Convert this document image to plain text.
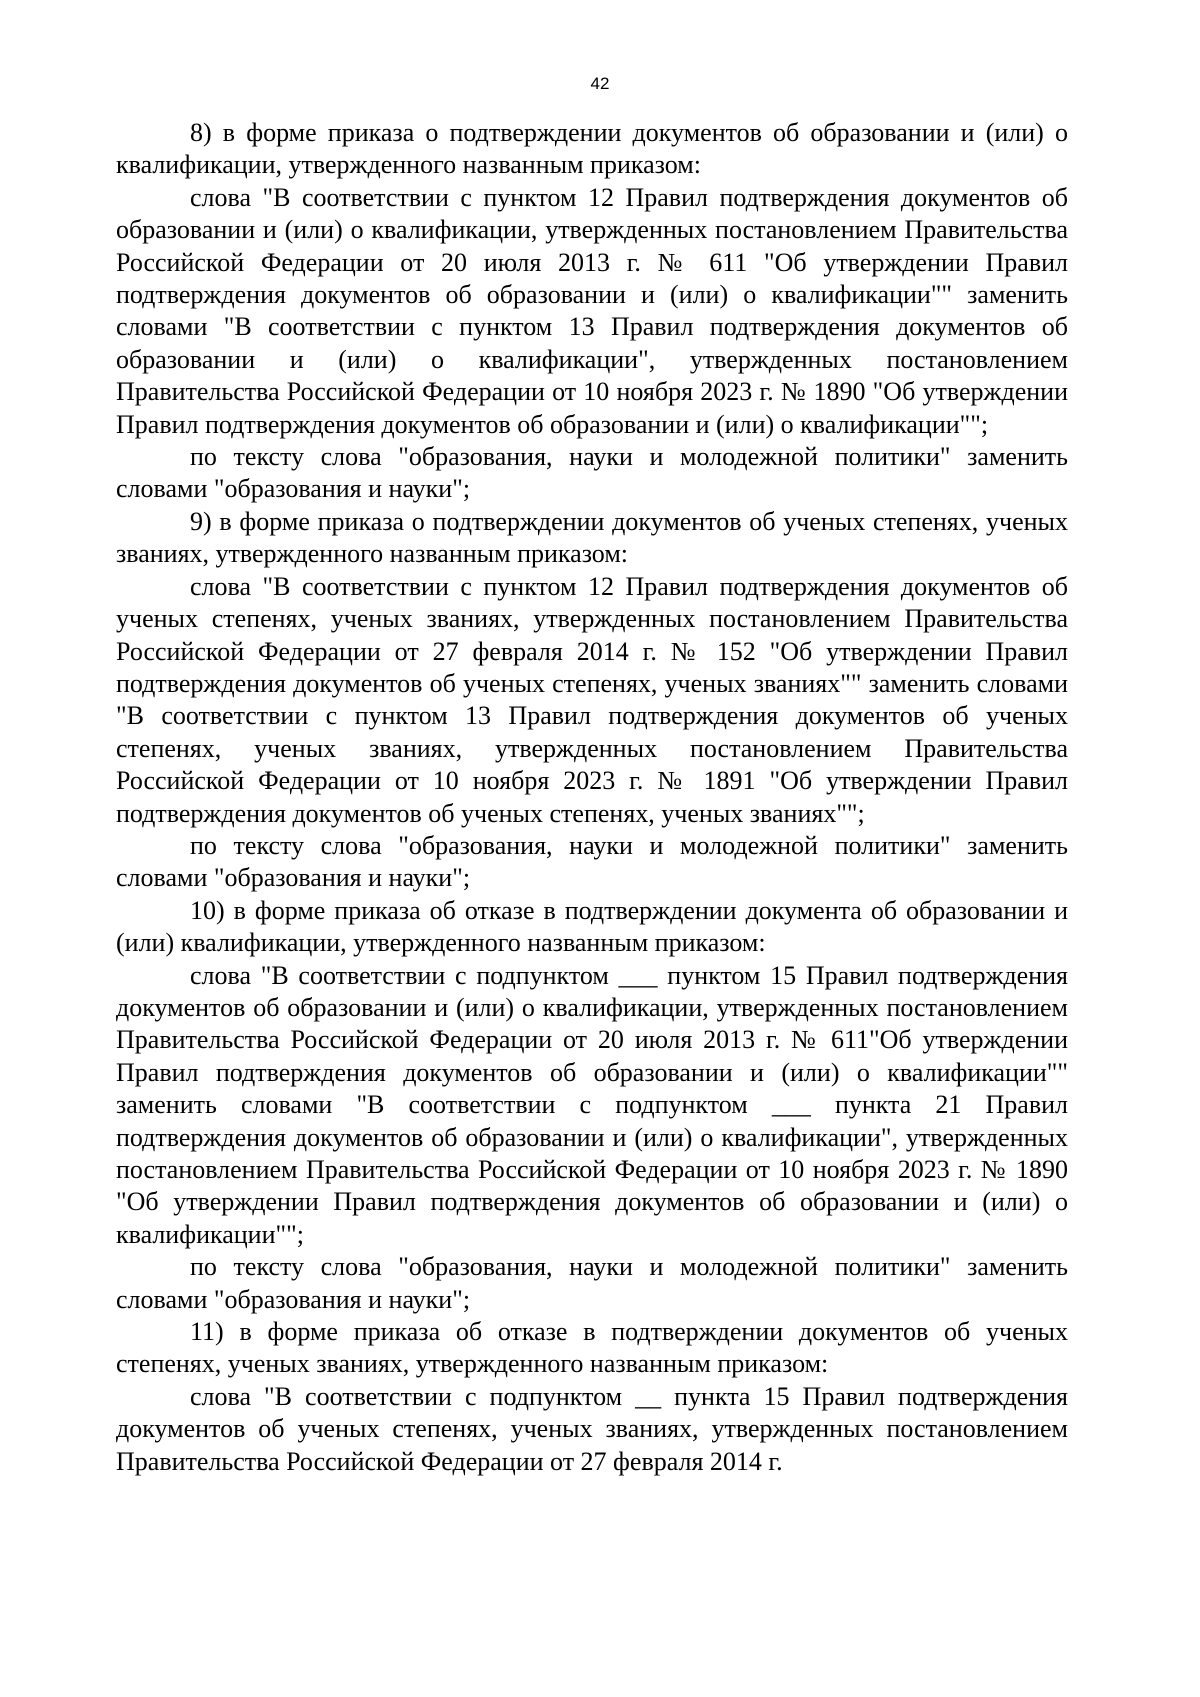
42

8) в форме приказа о подтверждении документов об образовании и (или) о квалификации, утвержденного названным приказом:

слова "В соответствии с пунктом 12 Правил подтверждения документов об образовании и (или) о квалификации, утвержденных постановлением Правительства Российской Федерации от 20 июля 2013 г. № 611 "Об утверждении Правил подтверждения документов об образовании и (или) о квалификации"" заменить словами "В соответствии с пунктом 13 Правил подтверждения документов об образовании и (или) о квалификации", утвержденных постановлением Правительства Российской Федерации от 10 ноября 2023 г. № 1890 "Об утверждении Правил подтверждения документов об образовании и (или) о квалификации"";

по тексту слова "образования, науки и молодежной политики" заменить словами "образования и науки";

9) в форме приказа о подтверждении документов об ученых степенях, ученых званиях, утвержденного названным приказом:

слова "В соответствии с пунктом 12 Правил подтверждения документов об ученых степенях, ученых званиях, утвержденных постановлением Правительства Российской Федерации от 27 февраля 2014 г. № 152 "Об утверждении Правил подтверждения документов об ученых степенях, ученых званиях"" заменить словами "В соответствии с пунктом 13 Правил подтверждения документов об ученых степенях, ученых званиях, утвержденных постановлением Правительства Российской Федерации от 10 ноября 2023 г. № 1891 "Об утверждении Правил подтверждения документов об ученых степенях, ученых званиях"";

по тексту слова "образования, науки и молодежной политики" заменить словами "образования и науки";

10) в форме приказа об отказе в подтверждении документа об образовании и (или) квалификации, утвержденного названным приказом:

слова "В соответствии с подпунктом ___ пунктом 15 Правил подтверждения документов об образовании и (или) о квалификации, утвержденных постановлением Правительства Российской Федерации от 20 июля 2013 г. № 611"Об утверждении Правил подтверждения документов об образовании и (или) о квалификации"" заменить словами "В соответствии с подпунктом ___ пункта 21 Правил подтверждения документов об образовании и (или) о квалификации", утвержденных постановлением Правительства Российской Федерации от 10 ноября 2023 г. № 1890 "Об утверждении Правил подтверждения документов об образовании и (или) о квалификации"";

по тексту слова "образования, науки и молодежной политики" заменить словами "образования и науки";

11) в форме приказа об отказе в подтверждении документов об ученых степенях, ученых званиях, утвержденного названным приказом:

слова "В соответствии с подпунктом __ пункта 15 Правил подтверждения документов об ученых степенях, ученых званиях, утвержденных постановлением Правительства Российской Федерации от 27 февраля 2014 г.
